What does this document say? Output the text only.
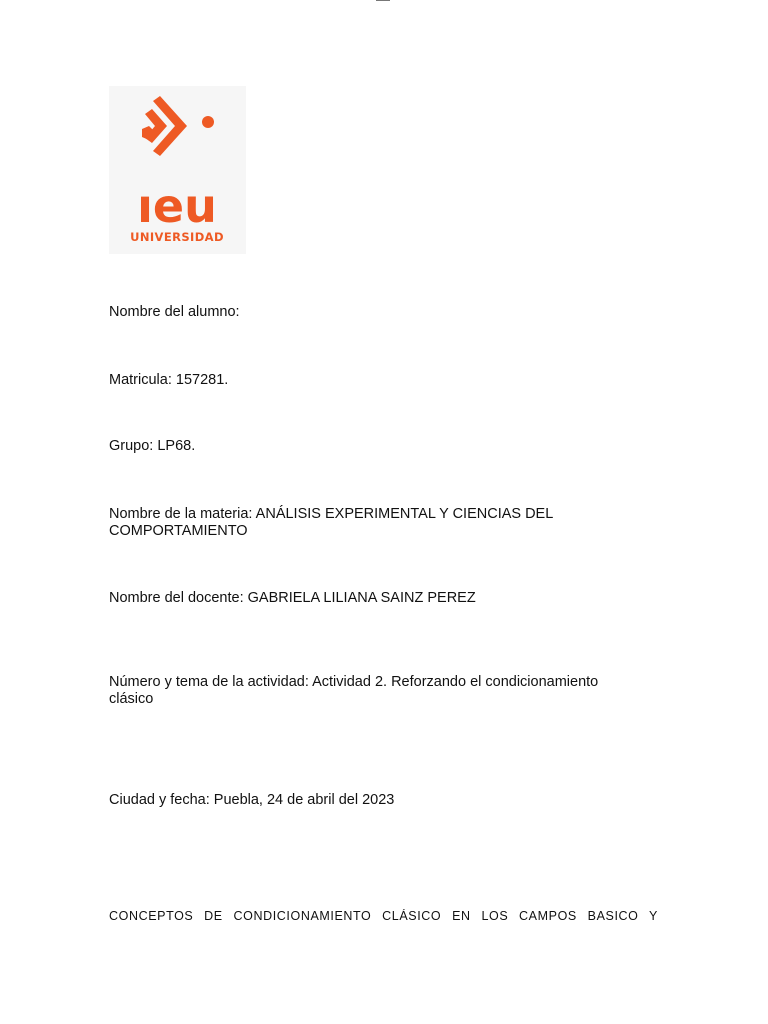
ıeu
UNIVERSIDAD
Nombre del alumno:
Matricula: 157281.
Grupo: LP68.
Nombre de la materia: ANÁLISIS EXPERIMENTAL Y CIENCIAS DEL
COMPORTAMIENTO
Nombre del docente: GABRIELA LILIANA SAINZ PEREZ
Número y tema de la actividad: Actividad 2. Reforzando el condicionamiento
clásico
Ciudad y fecha: Puebla, 24 de abril del 2023
CONCEPTOS DE CONDICIONAMIENTO CLÁSICO EN LOS CAMPOS BASICO Y
